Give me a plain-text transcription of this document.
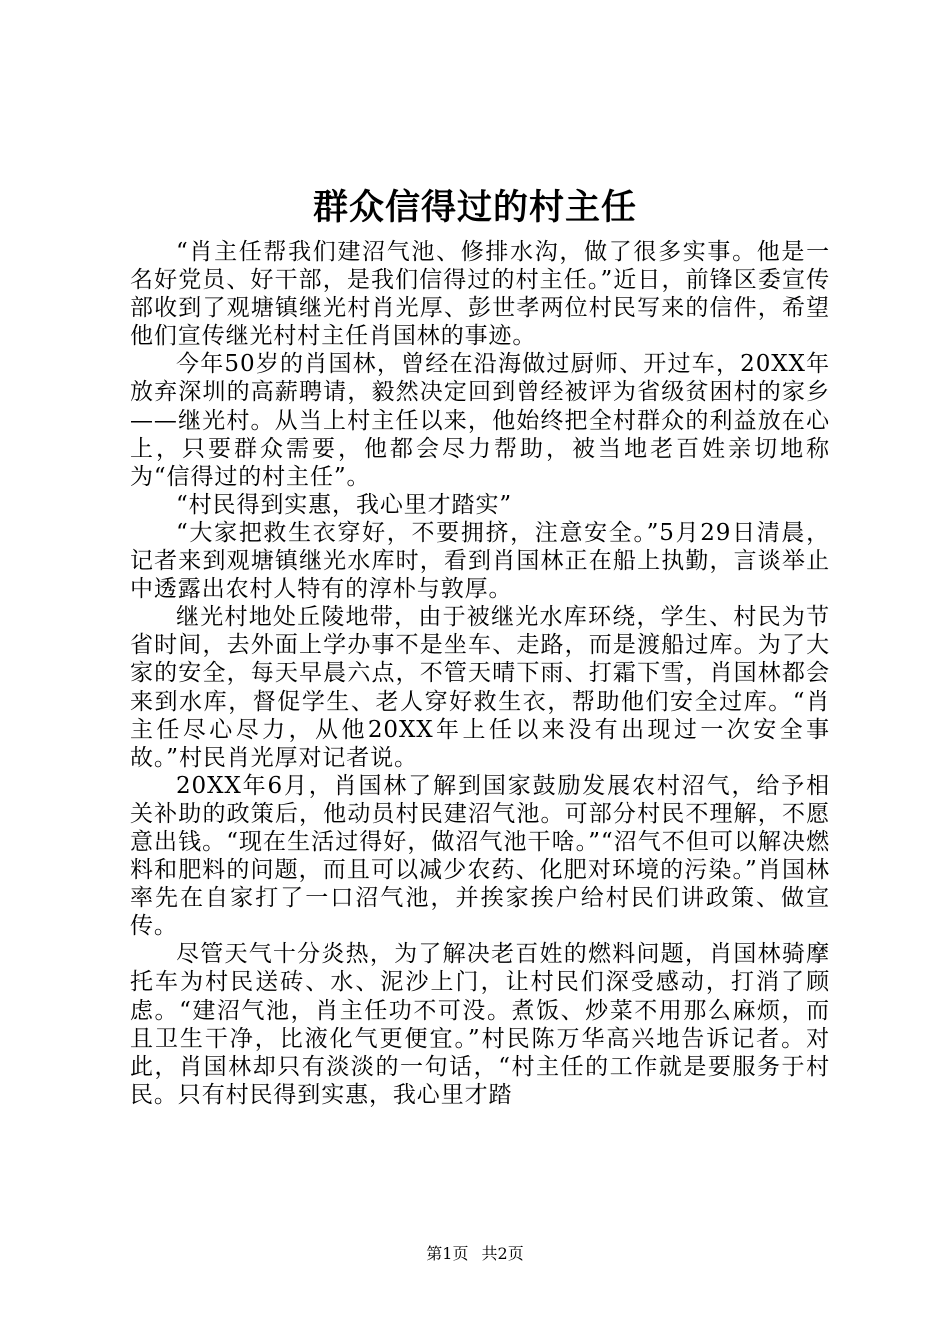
群众信得过的村主任

“肖主任帮我们建沼气池、修排水沟，做了很多实事。他是一名好党员、好干部，是我们信得过的村主任。”近日，前锋区委宣传部收到了观塘镇继光村肖光厚、彭世孝两位村民写来的信件，希望他们宣传继光村村主任肖国林的事迹。

今年50岁的肖国林，曾经在沿海做过厨师、开过车，20XX年放弃深圳的高薪聘请，毅然决定回到曾经被评为省级贫困村的家乡——继光村。从当上村主任以来，他始终把全村群众的利益放在心上，只要群众需要，他都会尽力帮助，被当地老百姓亲切地称为“信得过的村主任”。

“村民得到实惠，我心里才踏实”

“大家把救生衣穿好，不要拥挤，注意安全。”5月29日清晨，记者来到观塘镇继光水库时，看到肖国林正在船上执勤，言谈举止中透露出农村人特有的淳朴与敦厚。

继光村地处丘陵地带，由于被继光水库环绕，学生、村民为节省时间，去外面上学办事不是坐车、走路，而是渡船过库。为了大家的安全，每天早晨六点，不管天晴下雨、打霜下雪，肖国林都会来到水库，督促学生、老人穿好救生衣，帮助他们安全过库。“肖主任尽心尽力，从他20XX年上任以来没有出现过一次安全事故。”村民肖光厚对记者说。

20XX年6月，肖国林了解到国家鼓励发展农村沼气，给予相关补助的政策后，他动员村民建沼气池。可部分村民不理解，不愿意出钱。“现在生活过得好，做沼气池干啥。”“沼气不但可以解决燃料和肥料的问题，而且可以减少农药、化肥对环境的污染。”肖国林率先在自家打了一口沼气池，并挨家挨户给村民们讲政策、做宣传。

尽管天气十分炎热，为了解决老百姓的燃料问题，肖国林骑摩托车为村民送砖、水、泥沙上门，让村民们深受感动，打消了顾虑。“建沼气池，肖主任功不可没。煮饭、炒菜不用那么麻烦，而且卫生干净，比液化气更便宜。”村民陈万华高兴地告诉记者。对此，肖国林却只有淡淡的一句话，“村主任的工作就是要服务于村民。只有村民得到实惠，我心里才踏

第1页 共2页
